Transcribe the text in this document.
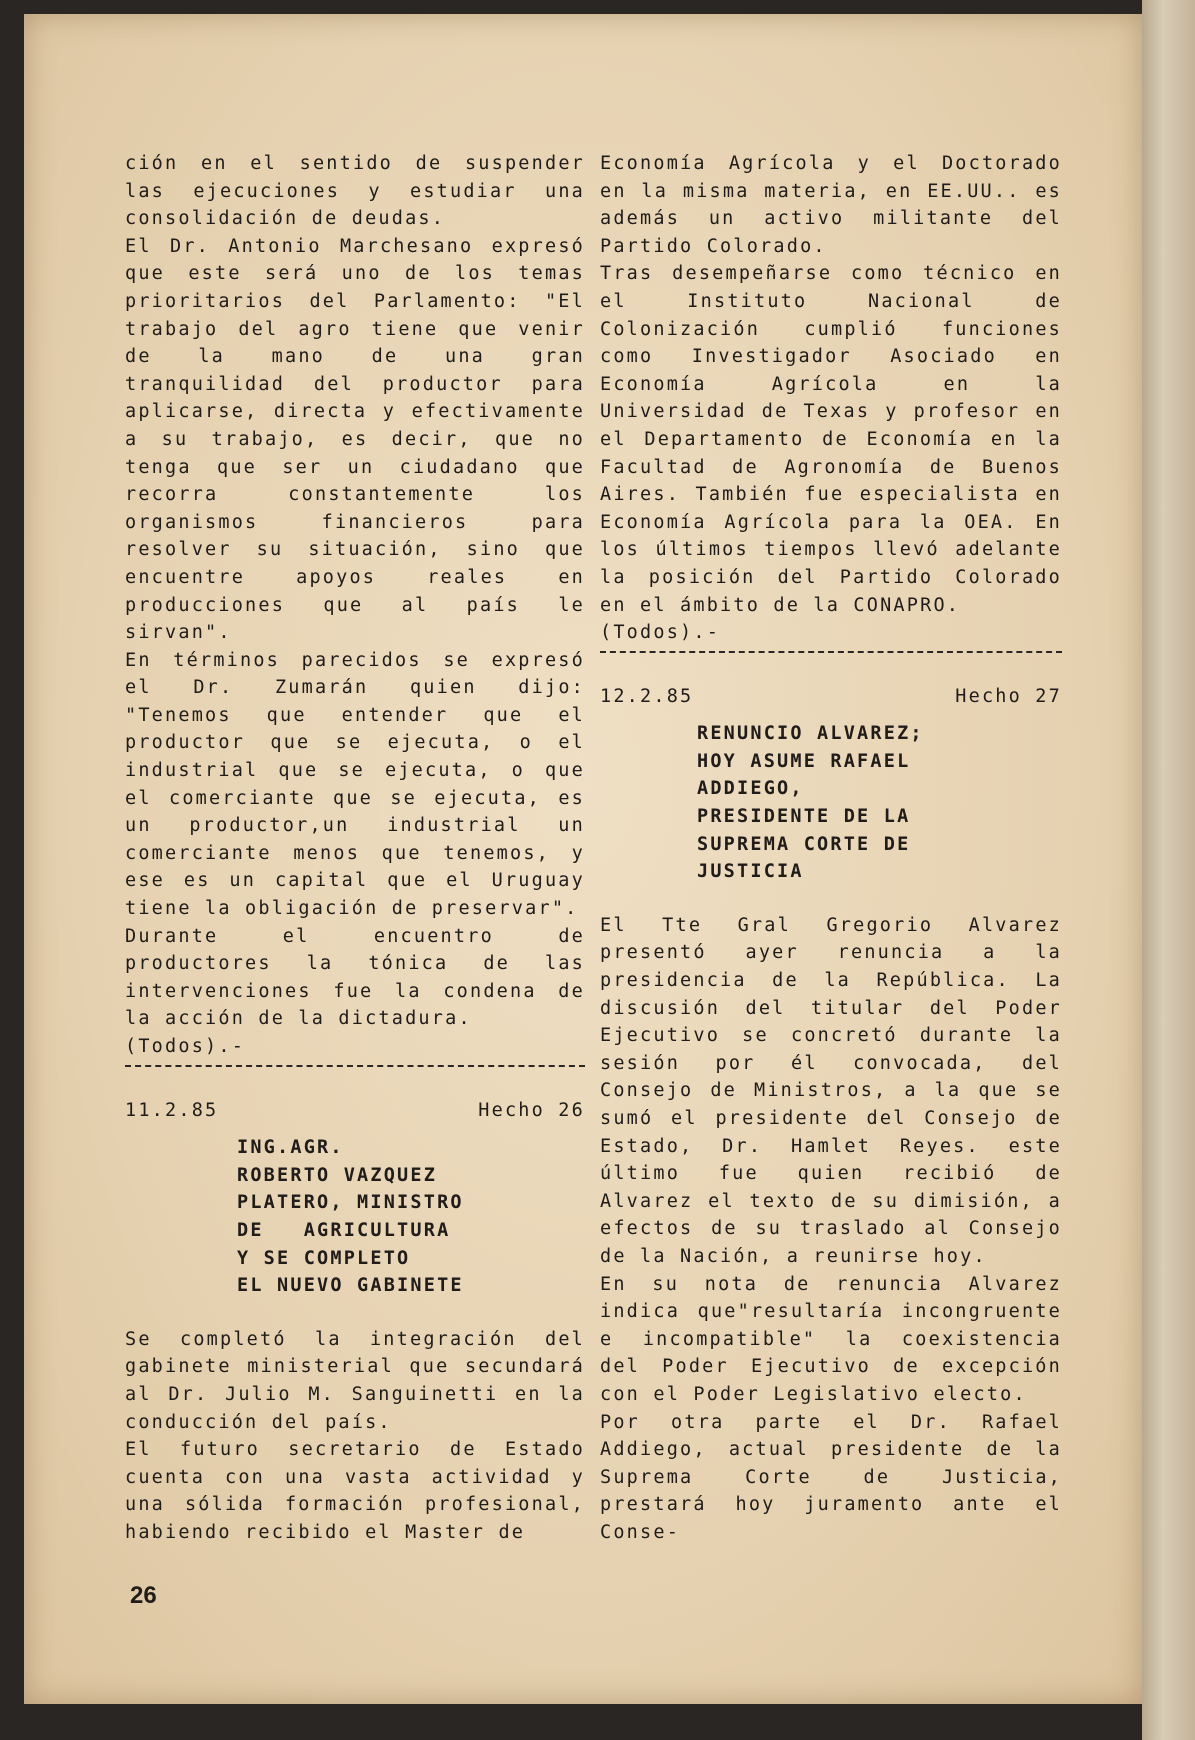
ción en el sentido de suspender las ejecuciones y estudiar una consolidación de deudas.

El Dr. Antonio Marchesano expresó que este será uno de los temas prioritarios del Parlamento: "El trabajo del agro tiene que venir de la mano de una gran tranquilidad del productor para aplicarse, directa y efectivamente a su trabajo, es decir, que no tenga que ser un ciudadano que recorra constantemente los organismos financieros para resolver su situación, sino que encuentre apoyos reales en producciones que al país le sirvan".

En términos parecidos se expresó el Dr. Zumarán quien dijo: "Tenemos que entender que el productor que se ejecuta, o el industrial que se ejecuta, o que el comerciante que se ejecuta, es un productor,un industrial un comerciante menos que tenemos, y ese es un capital que el Uruguay tiene la obligación de preservar".

Durante el encuentro de productores la tónica de las intervenciones fue la condena de la acción de la dictadura.

(Todos).-

11.2.85	Hecho 26
ING.AGR.
ROBERTO VAZQUEZ
PLATERO, MINISTRO
DE   AGRICULTURA
Y SE COMPLETO
EL NUEVO GABINETE

Se completó la integración del gabinete ministerial que secundará al Dr. Julio M. Sanguinetti en la conducción del país.

El futuro secretario de Estado cuenta con una vasta actividad y una sólida formación profesional, habiendo recibido el Master de

Economía Agrícola y el Doctorado en la misma materia, en EE.UU.. es además un activo militante del Partido Colorado.

Tras desempeñarse como técnico en el Instituto Nacional de Colonización cumplió funciones como Investigador Asociado en Economía Agrícola en la Universidad de Texas y profesor en el Departamento de Economía en la Facultad de Agronomía de Buenos Aires. También fue especialista en Economía Agrícola para la OEA. En los últimos tiempos llevó adelante la posición del Partido Colorado en el ámbito de la CONAPRO.

(Todos).-

12.2.85	Hecho 27
RENUNCIO ALVAREZ;
HOY ASUME RAFAEL
ADDIEGO,
PRESIDENTE DE LA
SUPREMA CORTE DE
JUSTICIA

El Tte Gral Gregorio Alvarez presentó ayer renuncia a la presidencia de la República. La discusión del titular del Poder Ejecutivo se concretó durante la sesión por él convocada, del Consejo de Ministros, a la que se sumó el presidente del Consejo de Estado, Dr. Hamlet Reyes. este último fue quien recibió de Alvarez el texto de su dimisión, a efectos de su traslado al Consejo de la Nación, a reunirse hoy.

En su nota de renuncia Alvarez indica que"resultaría incongruente e incompatible" la coexistencia del Poder Ejecutivo de excepción con el Poder Legislativo electo.

Por otra parte el Dr. Rafael Addiego, actual presidente de la Suprema Corte de Justicia, prestará hoy juramento ante el Conse-

26
